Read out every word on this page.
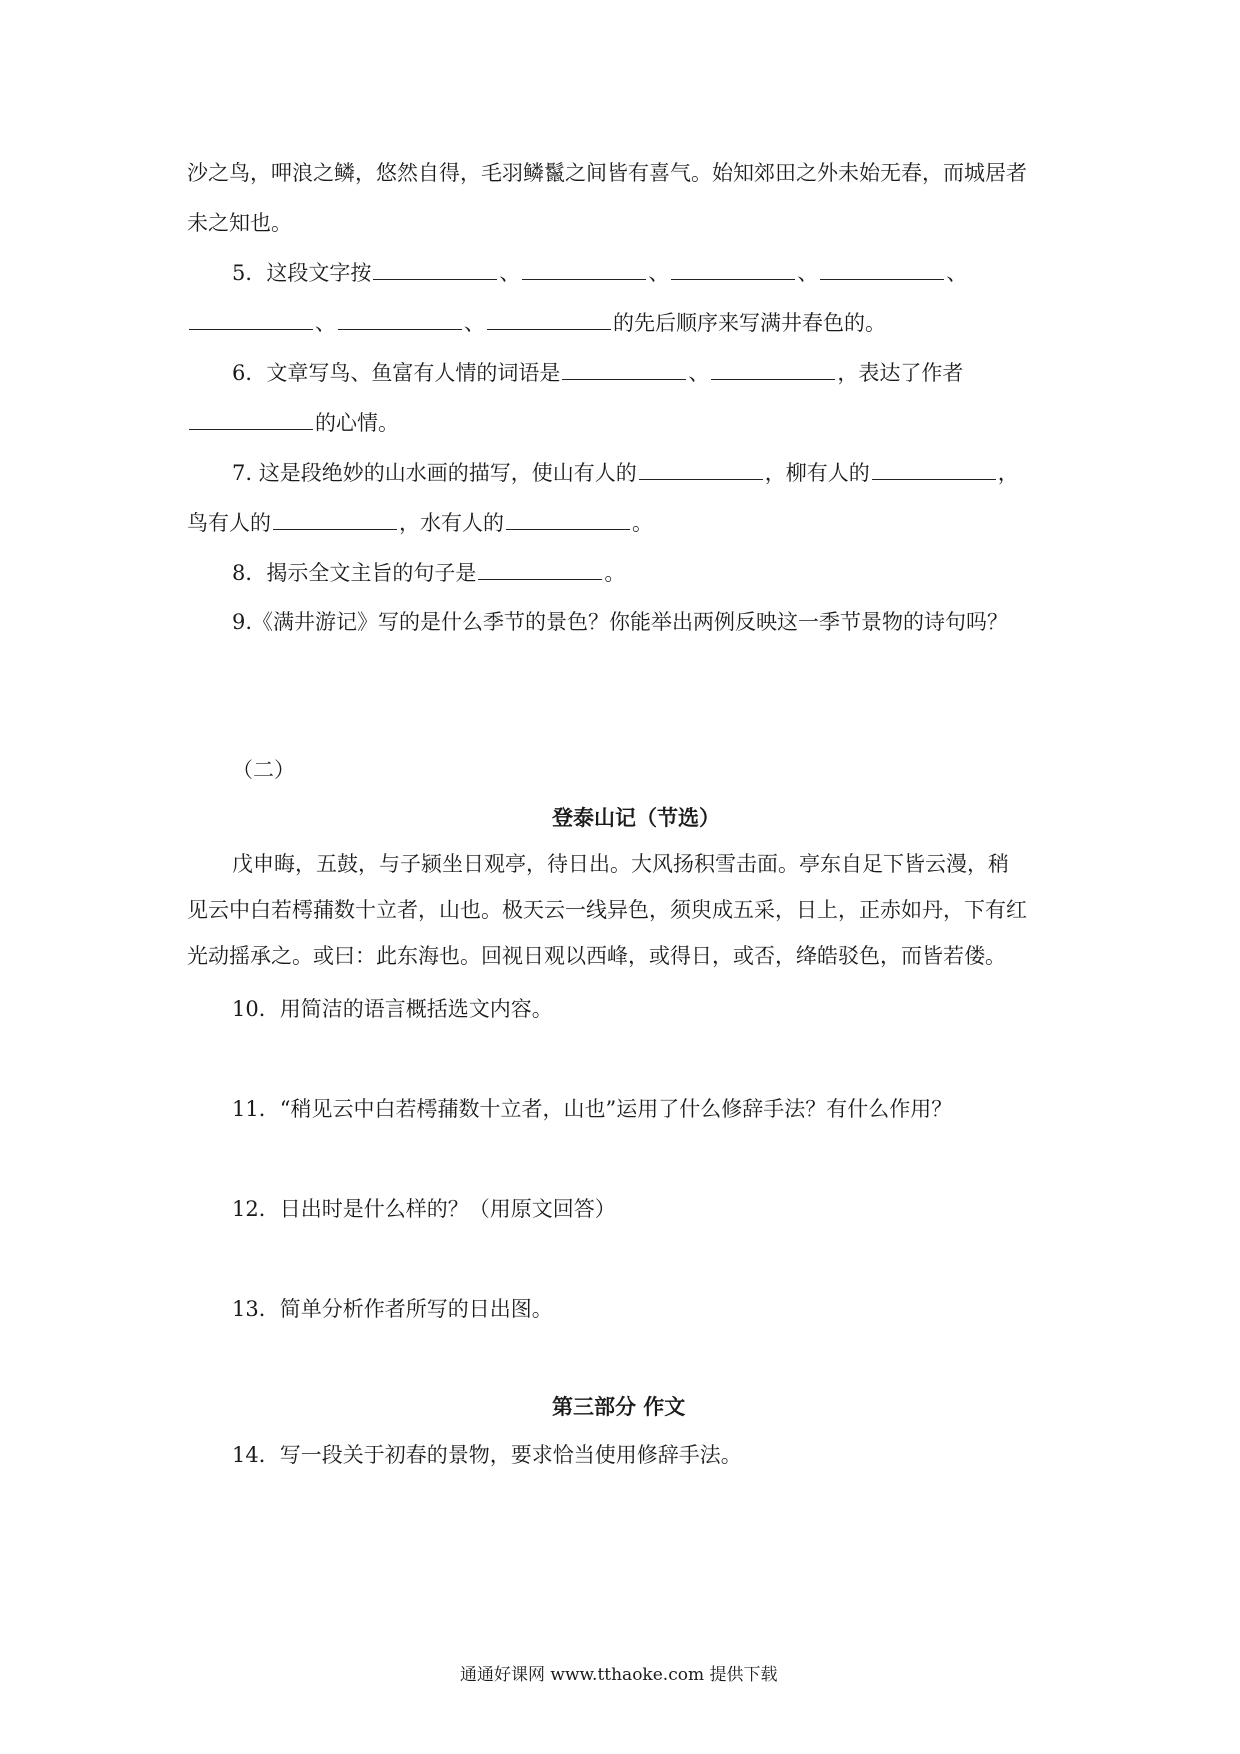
沙之鸟，呷浪之鳞，悠然自得，毛羽鳞鬣之间皆有喜气。始知郊田之外未始无春，而城居者
未之知也。
5．这段文字按	、	、	、	、
、	、	的先后顺序来写满井春色的。
6．文章写鸟、鱼富有人情的词语是	、	，表达了作者
的心情。
7. 这是段绝妙的山水画的描写，使山有人的	，柳有人的	，
鸟有人的	，水有人的	。
8．揭示全文主旨的句子是	。
9.《满井游记》写的是什么季节的景色？你能举出两例反映这一季节景物的诗句吗？
（二）
登泰山记（节选）
戊申晦，五鼓，与子颍坐日观亭，待日出。大风扬积雪击面。亭东自足下皆云漫，稍
见云中白若樗蒱数十立者，山也。极天云一线异色，须臾成五采，日上，正赤如丹，下有红
光动摇承之。或曰：此东海也。回视日观以西峰，或得日，或否，绛皓驳色，而皆若偻。
10．用简洁的语言概括选文内容。
11．“稍见云中白若樗蒱数十立者，山也”运用了什么修辞手法？有什么作用？
12．日出时是什么样的？（用原文回答）
13．简单分析作者所写的日出图。
第三部分 作文
14．写一段关于初春的景物，要求恰当使用修辞手法。
通通好课网 www.tthaoke.com 提供下载
